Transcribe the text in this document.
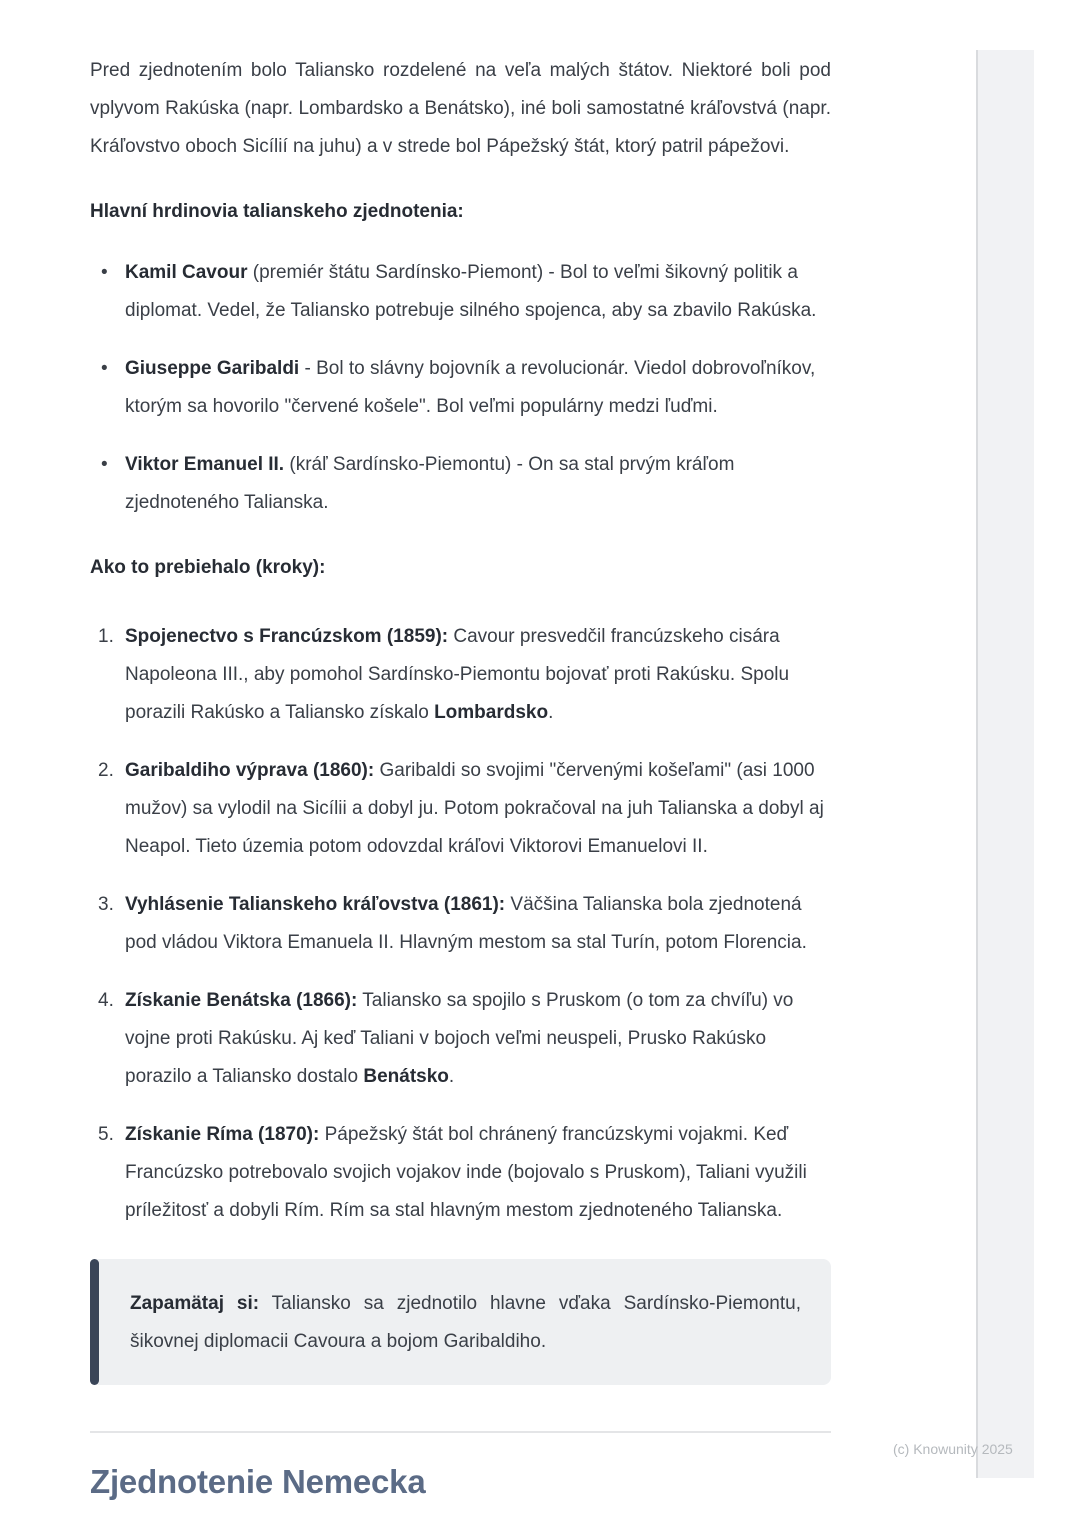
Pred zjednotením bolo Taliansko rozdelené na veľa malých štátov. Niektoré boli pod vplyvom Rakúska (napr. Lombardsko a Benátsko), iné boli samostatné kráľovstvá (napr. Kráľovstvo oboch Sicílií na juhu) a v strede bol Pápežský štát, ktorý patril pápežovi.

Hlavní hrdinovia talianskeho zjednotenia:
• Kamil Cavour (premiér štátu Sardínsko-Piemont) - Bol to veľmi šikovný politik a diplomat. Vedel, že Taliansko potrebuje silného spojenca, aby sa zbavilo Rakúska.
• Giuseppe Garibaldi - Bol to slávny bojovník a revolucionár. Viedol dobrovoľníkov, ktorým sa hovorilo "červené košele". Bol veľmi populárny medzi ľuďmi.
• Viktor Emanuel II. (kráľ Sardínsko-Piemontu) - On sa stal prvým kráľom zjednoteného Talianska.
Ako to prebiehalo (kroky):
1. Spojenectvo s Francúzskom (1859): Cavour presvedčil francúzskeho cisára Napoleona III., aby pomohol Sardínsko-Piemontu bojovať proti Rakúsku. Spolu porazili Rakúsko a Taliansko získalo Lombardsko.
2. Garibaldiho výprava (1860): Garibaldi so svojimi "červenými košeľami" (asi 1000 mužov) sa vylodil na Sicílii a dobyl ju. Potom pokračoval na juh Talianska a dobyl aj Neapol. Tieto územia potom odovzdal kráľovi Viktorovi Emanuelovi II.
3. Vyhlásenie Talianskeho kráľovstva (1861): Väčšina Talianska bola zjednotená pod vládou Viktora Emanuela II. Hlavným mestom sa stal Turín, potom Florencia.
4. Získanie Benátska (1866): Taliansko sa spojilo s Pruskom (o tom za chvíľu) vo vojne proti Rakúsku. Aj keď Taliani v bojoch veľmi neuspeli, Prusko Rakúsko porazilo a Taliansko dostalo Benátsko.
5. Získanie Ríma (1870): Pápežský štát bol chránený francúzskymi vojakmi. Keď Francúzsko potrebovalo svojich vojakov inde (bojovalo s Pruskom), Taliani využili príležitosť a dobyli Rím. Rím sa stal hlavným mestom zjednoteného Talianska.
Zapamätaj si: Taliansko sa zjednotilo hlavne vďaka Sardínsko-Piemontu, šikovnej diplomacii Cavoura a bojom Garibaldiho.
Zjednotenie Nemecka
(c) Knowunity 2025
